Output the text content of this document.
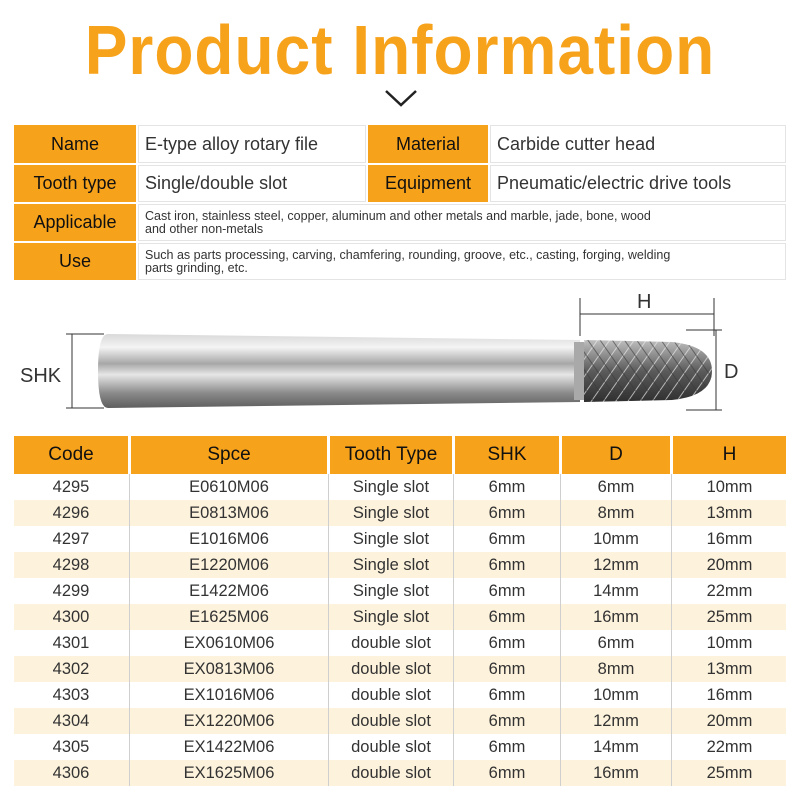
Product Information
Name	E-type alloy rotary file	Material	Carbide cutter head
Tooth type	Single/double slot	Equipment	Pneumatic/electric drive tools
Applicable	Cast iron, stainless steel, copper, aluminum and other metals and marble, jade, bone, wood
and other non-metals
Use	Such as parts processing, carving, chamfering, rounding, groove, etc., casting, forging, welding
parts grinding, etc.
SHK
H
D
Code	Spce	Tooth Type	SHK	D	H
4295	E0610M06	Single slot	6mm	6mm	10mm
4296	E0813M06	Single slot	6mm	8mm	13mm
4297	E1016M06	Single slot	6mm	10mm	16mm
4298	E1220M06	Single slot	6mm	12mm	20mm
4299	E1422M06	Single slot	6mm	14mm	22mm
4300	E1625M06	Single slot	6mm	16mm	25mm
4301	EX0610M06	double slot	6mm	6mm	10mm
4302	EX0813M06	double slot	6mm	8mm	13mm
4303	EX1016M06	double slot	6mm	10mm	16mm
4304	EX1220M06	double slot	6mm	12mm	20mm
4305	EX1422M06	double slot	6mm	14mm	22mm
4306	EX1625M06	double slot	6mm	16mm	25mm
